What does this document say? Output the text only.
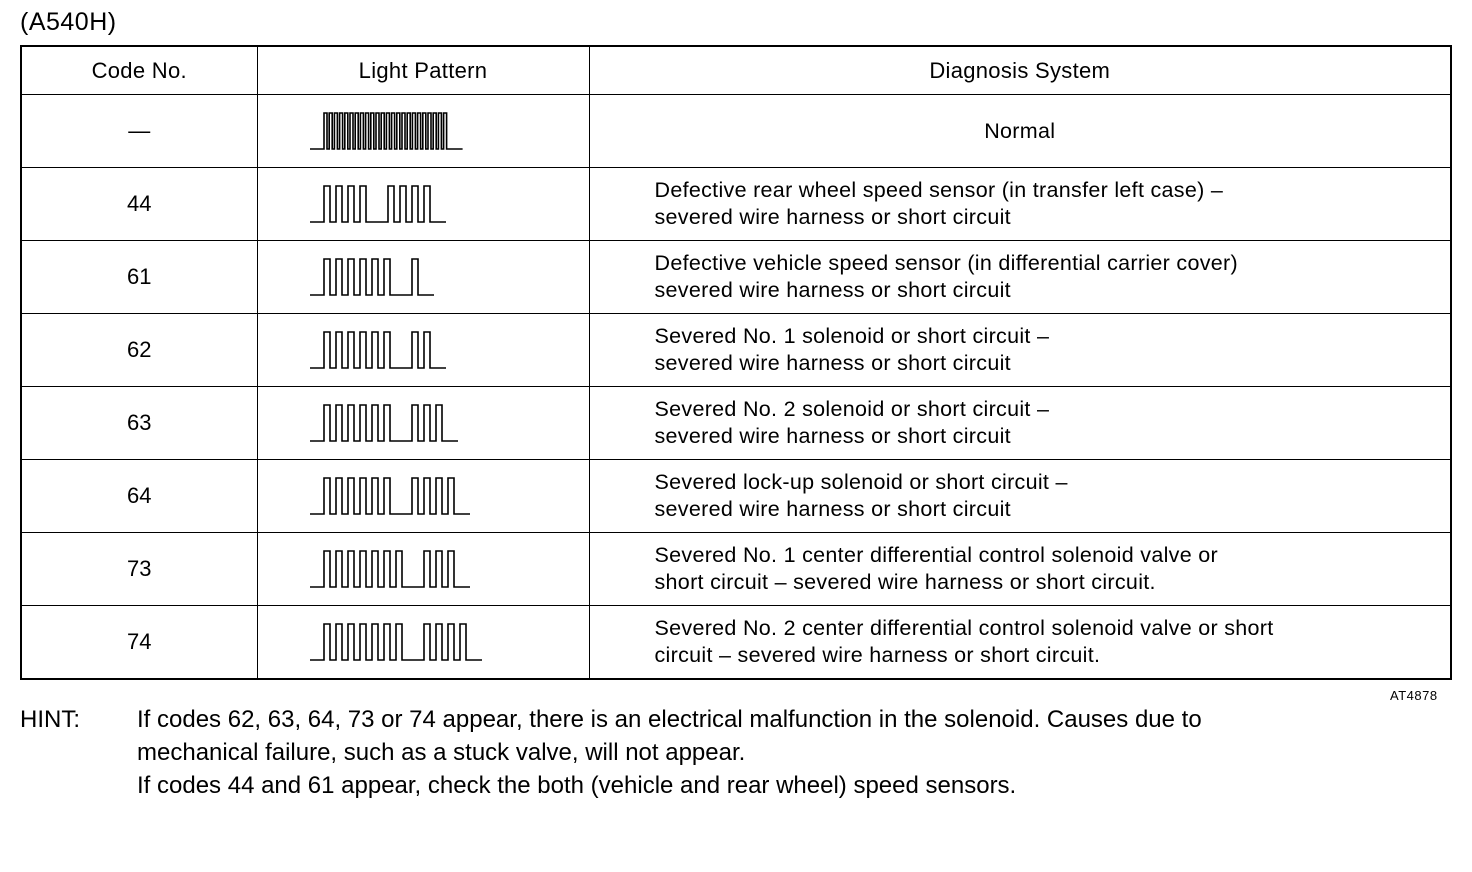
(A540H)
Code No.	Light Pattern	Diagnosis System
—		Normal

44		Defective rear wheel speed sensor (in transfer left case) –
severed wire harness or short circuit

61		Defective vehicle speed sensor (in differential carrier cover)
severed wire harness or short circuit

62		Severed No. 1 solenoid or short circuit –
severed wire harness or short circuit

63		Severed No. 2 solenoid or short circuit –
severed wire harness or short circuit

64		Severed lock-up solenoid or short circuit –
severed wire harness or short circuit

73		Severed No. 1 center differential control solenoid valve or
short circuit – severed wire harness or short circuit.

74		Severed No. 2 center differential control solenoid valve or short
circuit – severed wire harness or short circuit.
AT4878
HINT: If codes 62, 63, 64, 73 or 74 appear, there is an electrical malfunction in the solenoid. Causes due to
mechanical failure, such as a stuck valve, will not appear.
If codes 44 and 61 appear, check the both (vehicle and rear wheel) speed sensors.
